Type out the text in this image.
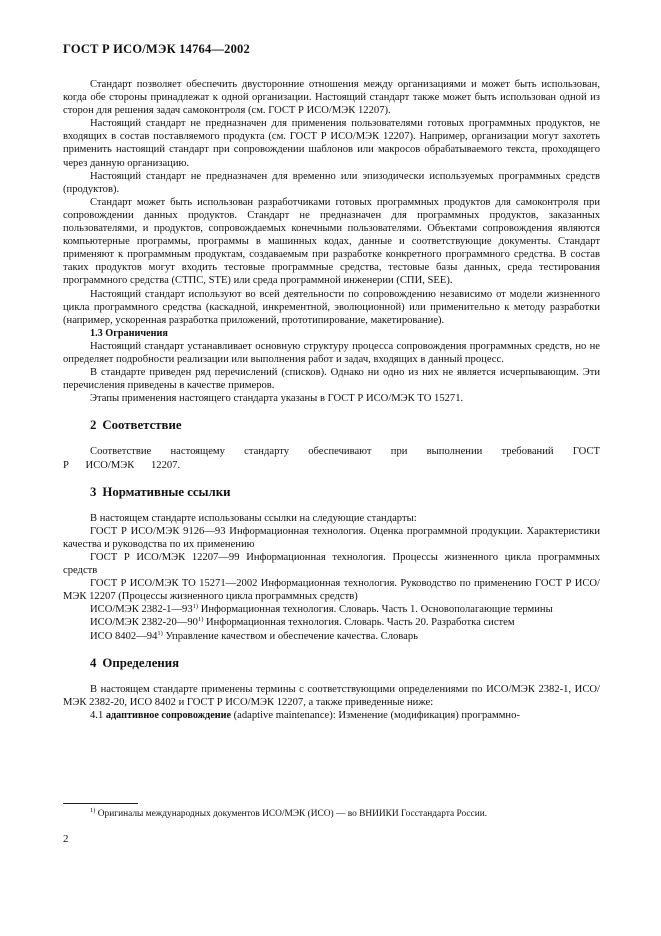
ГОСТ Р ИСО/МЭК 14764—2002

Стандарт позволяет обеспечить двусторонние отношения между организациями и может быть использован, когда обе стороны принадлежат к одной организации. Настоящий стандарт также может быть использован одной из сторон для решения задач самоконтроля (см. ГОСТ Р ИСО/МЭК 12207).

Настоящий стандарт не предназначен для применения пользователями готовых программных продуктов, не входящих в состав поставляемого продукта (см. ГОСТ Р ИСО/МЭК 12207). Например, организации могут захотеть применить настоящий стандарт при сопровождении шаблонов или макросов обрабатываемого текста, проходящего через данную организацию.

Настоящий стандарт не предназначен для временно или эпизодически используемых программных средств (продуктов).

Стандарт может быть использован разработчиками готовых программных продуктов для самоконтроля при сопровождении данных продуктов. Стандарт не предназначен для программных продуктов, заказанных пользователями, и продуктов, сопровождаемых конечными пользователями. Объектами сопровождения являются компьютерные программы, программы в машинных кодах, данные и соответствующие документы. Стандарт применяют к программным продуктам, создаваемым при разработке конкретного программного средства. В состав таких продуктов могут входить тестовые программные средства, тестовые базы данных, среда тестирования программного средства (СТПС, STE) или среда программной инженерии (СПИ, SEE).

Настоящий стандарт используют во всей деятельности по сопровождению независимо от модели жизненного цикла программного средства (каскадной, инкрементной, эволюционной) или применительно к методу разработки (например, ускоренная разработка приложений, прототипирование, макетирование).

1.3 Ограничения

Настоящий стандарт устанавливает основную структуру процесса сопровождения программных средств, но не определяет подробности реализации или выполнения работ и задач, входящих в данный процесс.

В стандарте приведен ряд перечислений (списков). Однако ни одно из них не является исчерпывающим. Эти перечисления приведены в качестве примеров.

Этапы применения настоящего стандарта указаны в ГОСТ Р ИСО/МЭК ТО 15271.

2 Соответствие

Соответствие настоящему стандарту обеспечивают при выполнении требований ГОСТ Р ИСО/МЭК 12207.

3 Нормативные ссылки

В настоящем стандарте использованы ссылки на следующие стандарты:

ГОСТ Р ИСО/МЭК 9126—93 Информационная технология. Оценка программной продукции. Характеристики качества и руководства по их применению

ГОСТ Р ИСО/МЭК 12207—99 Информационная технология. Процессы жизненного цикла программных средств

ГОСТ Р ИСО/МЭК ТО 15271—2002 Информационная технология. Руководство по применению ГОСТ Р ИСО/МЭК 12207 (Процессы жизненного цикла программных средств)

ИСО/МЭК 2382-1—93$^{1)}$ Информационная технология. Словарь. Часть 1. Основополагающие термины

ИСО/МЭК 2382-20—90$^{1)}$ Информационная технология. Словарь. Часть 20. Разработка систем

ИСО 8402—94$^{1)}$ Управление качеством и обеспечение качества. Словарь

4 Определения

В настоящем стандарте применены термины с соответствующими определениями по ИСО/МЭК 2382-1, ИСО/МЭК 2382-20, ИСО 8402 и ГОСТ Р ИСО/МЭК 12207, а также приведенные ниже:

4.1 адаптивное сопровождение (adaptive maintenance): Изменение (модификация) программно-

$^{1)}$ Оригиналы международных документов ИСО/МЭК (ИСО) — во ВНИИКИ Госстандарта России.
2
